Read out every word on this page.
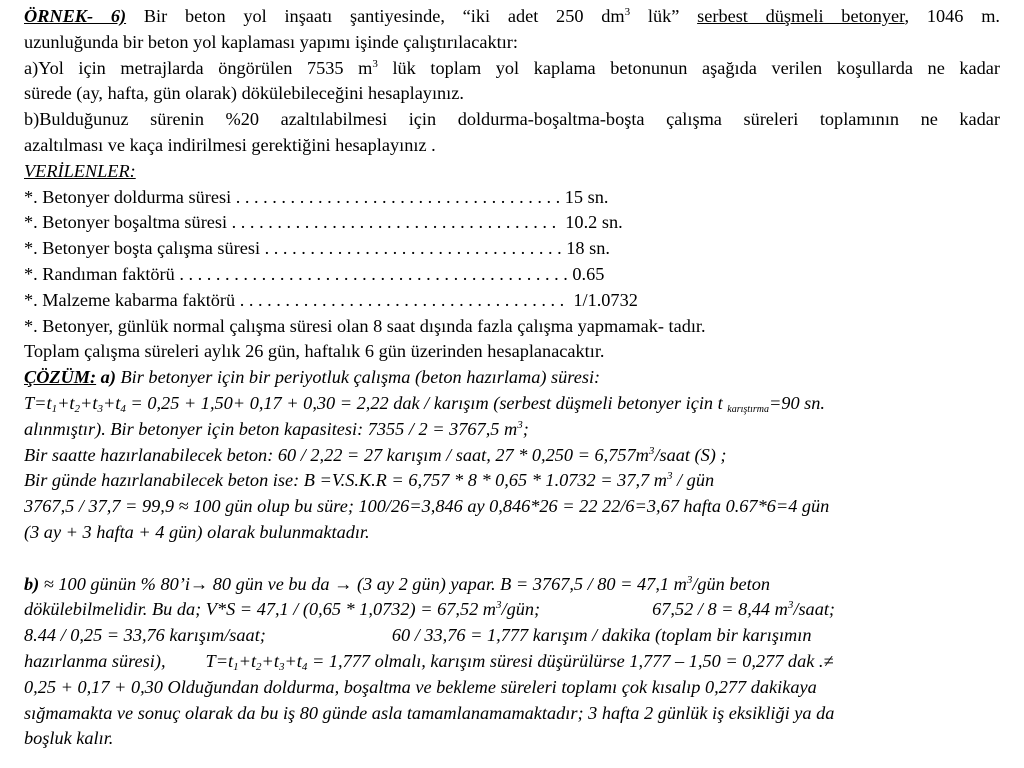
ÖRNEK- 6) Bir beton yol inşaatı şantiyesinde, “iki adet 250 $dm^3$ lük” serbest düşmeli betonyer, 1046 m.

uzunluğunda bir beton yol kaplaması yapımı işinde çalıştırılacaktır:

a)Yol için metrajlarda öngörülen 7535 $m^3$ lük toplam yol kaplama betonunun aşağıda verilen koşullarda ne kadar

sürede (ay, hafta, gün olarak) dökülebileceğini hesaplayınız.

b)Bulduğunuz sürenin %20 azaltılabilmesi için doldurma-boşaltma-boşta çalışma süreleri toplamının ne kadar

azaltılması ve kaça indirilmesi gerektiğini hesaplayınız .

VERİLENLER:

*. Betonyer doldurma süresi . . . . . . . . . . . . . . . . . . . . . . . . . . . . . . . . . . . . 15 sn.

*. Betonyer boşaltma süresi . . . . . . . . . . . . . . . . . . . . . . . . . . . . . . . . . . . .  10.2 sn.

*. Betonyer boşta çalışma süresi . . . . . . . . . . . . . . . . . . . . . . . . . . . . . . . . . 18 sn.

*. Randıman faktörü . . . . . . . . . . . . . . . . . . . . . . . . . . . . . . . . . . . . . . . . . . . 0.65

*. Malzeme kabarma faktörü . . . . . . . . . . . . . . . . . . . . . . . . . . . . . . . . . . . .  1/1.0732

*. Betonyer, günlük normal çalışma süresi olan 8 saat dışında fazla çalışma yapmamak- tadır.

Toplam çalışma süreleri aylık 26 gün, haftalık 6 gün üzerinden hesaplanacaktır.

ÇÖZÜM: a) Bir betonyer için bir periyotluk çalışma (beton hazırlama) süresi:

$T=t_1+t_2+t_3+t_4 = 0,25 + 1,50+ 0,17 + 0,30 = 2,22$ dak / karışım (serbest düşmeli betonyer için t $_{karıştırma}$=90 sn.

alınmıştır). Bir betonyer için beton kapasitesi: 7355 / 2 = 3767,5 $m^3$;

Bir saatte hazırlanabilecek beton: 60 / 2,22 = 27 karışım / saat, $27 * 0,250 = 6,757m^3$/saat (S) ;

Bir günde hazırlanabilecek beton ise: B =V.S.K.R = 6,757 * 8 * 0,65 * 1.0732 = 37,7 $m^3$ / gün

3767,5 / 37,7 = 99,9 ≈ 100 gün olup bu süre; 100/26=3,846 ay 0,846*26 = 22 22/6=3,67 hafta 0.67*6=4 gün

(3 ay + 3 hafta + 4 gün) olarak bulunmaktadır.

b) ≈ 100 günün % 80’i→ 80 gün ve bu da → (3 ay 2 gün) yapar. B = 3767,5 / 80 = 47,1 $m^3$/gün beton

dökülebilmelidir. Bu da; V*S = 47,1 / (0,65 * 1,0732) = 67,52 $m^3$/gün;	67,52 / 8 = 8,44 $m^3$/saat;

8.44 / 0,25 = 33,76 karışım/saat;	60 / 33,76 = 1,777 karışım / dakika (toplam bir karışımın

hazırlanma süresi), $T=t_1+t_2+t_3+t_4 = 1,777$ olmalı, karışım süresi düşürülürse 1,777 – 1,50 = 0,277 dak .≠

0,25 + 0,17 + 0,30 Olduğundan doldurma, boşaltma ve bekleme süreleri toplamı çok kısalıp 0,277 dakikaya

sığmamakta ve sonuç olarak da bu iş 80 günde asla tamamlanamamaktadır; 3 hafta 2 günlük iş eksikliği ya da

boşluk kalır.
